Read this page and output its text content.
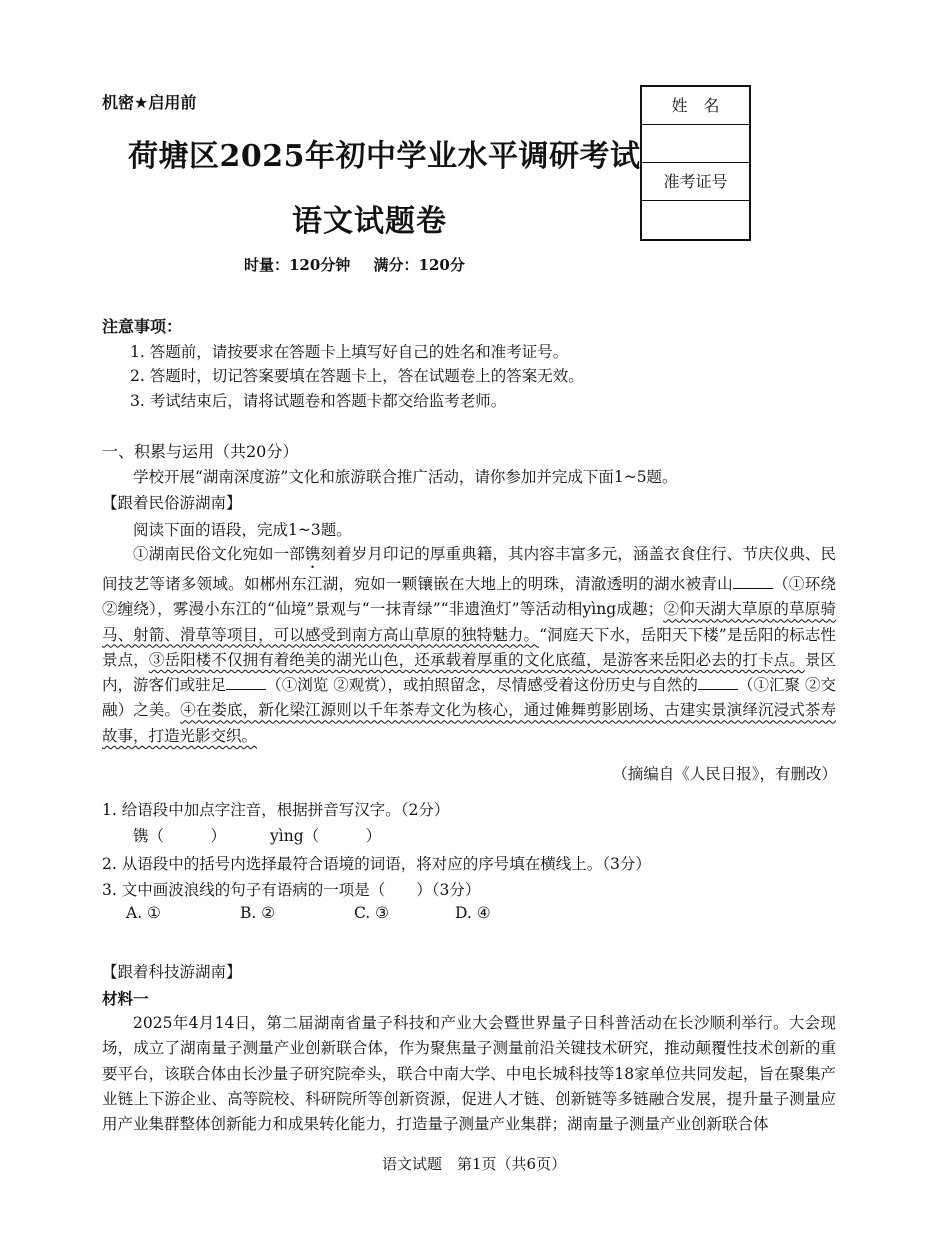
机密★启用前
荷塘区2025年初中学业水平调研考试
语文试题卷
时量：120分钟 满分：120分
姓　名
准考证号
注意事项：
1. 答题前，请按要求在答题卡上填写好自己的姓名和准考证号。
2. 答题时，切记答案要填在答题卡上，答在试题卷上的答案无效。
3. 考试结束后，请将试题卷和答题卡都交给监考老师。
一、积累与运用（共20分）
学校开展“湖南深度游”文化和旅游联合推广活动，请你参加并完成下面1~5题。
【跟着民俗游湖南】
阅读下面的语段，完成1~3题。
①湖南民俗文化宛如一部镌刻着岁月印记的厚重典籍，其内容丰富多元，涵盖衣食住行、节庆仪典、民间技艺等诸多领域。如郴州东江湖，宛如一颗镶嵌在大地上的明珠，清澈透明的湖水被青山	（①环绕 ②缠绕），雾漫小东江的“仙境”景观与“一抹青绿”“非遗渔灯”等活动相yìng成趣；②仰天湖大草原的草原骑马、射箭、滑草等项目，可以感受到南方高山草原的独特魅力。“洞庭天下水，岳阳天下楼”是岳阳的标志性景点，③岳阳楼不仅拥有着绝美的湖光山色，还承载着厚重的文化底蕴，是游客来岳阳必去的打卡点。景区内，游客们或驻足	（①浏览 ②观赏），或拍照留念，尽情感受着这份历史与自然的	（①汇聚 ②交融）之美。④在娄底，新化梁江源则以千年茶寿文化为核心，通过傩舞剪影剧场、古建实景演绎沉浸式茶寿故事，打造光影交织。
（摘编自《人民日报》，有删改）
1. 给语段中加点字注音，根据拼音写汉字。（2分）
镌（　　　）	yìng（　　　）
2. 从语段中的括号内选择最符合语境的词语，将对应的序号填在横线上。（3分）
3. 文中画波浪线的句子有语病的一项是（　　）（3分）
A. ①	B. ②	C. ③	D. ④
【跟着科技游湖南】
材料一
2025年4月14日，第二届湖南省量子科技和产业大会暨世界量子日科普活动在长沙顺利举行。大会现场，成立了湖南量子测量产业创新联合体，作为聚焦量子测量前沿关键技术研究，推动颠覆性技术创新的重要平台，该联合体由长沙量子研究院牵头，联合中南大学、中电长城科技等18家单位共同发起，旨在聚集产业链上下游企业、高等院校、科研院所等创新资源，促进人才链、创新链等多链融合发展，提升量子测量应用产业集群整体创新能力和成果转化能力，打造量子测量产业集群；湖南量子测量产业创新联合体
语文试题　第1页（共6页）
